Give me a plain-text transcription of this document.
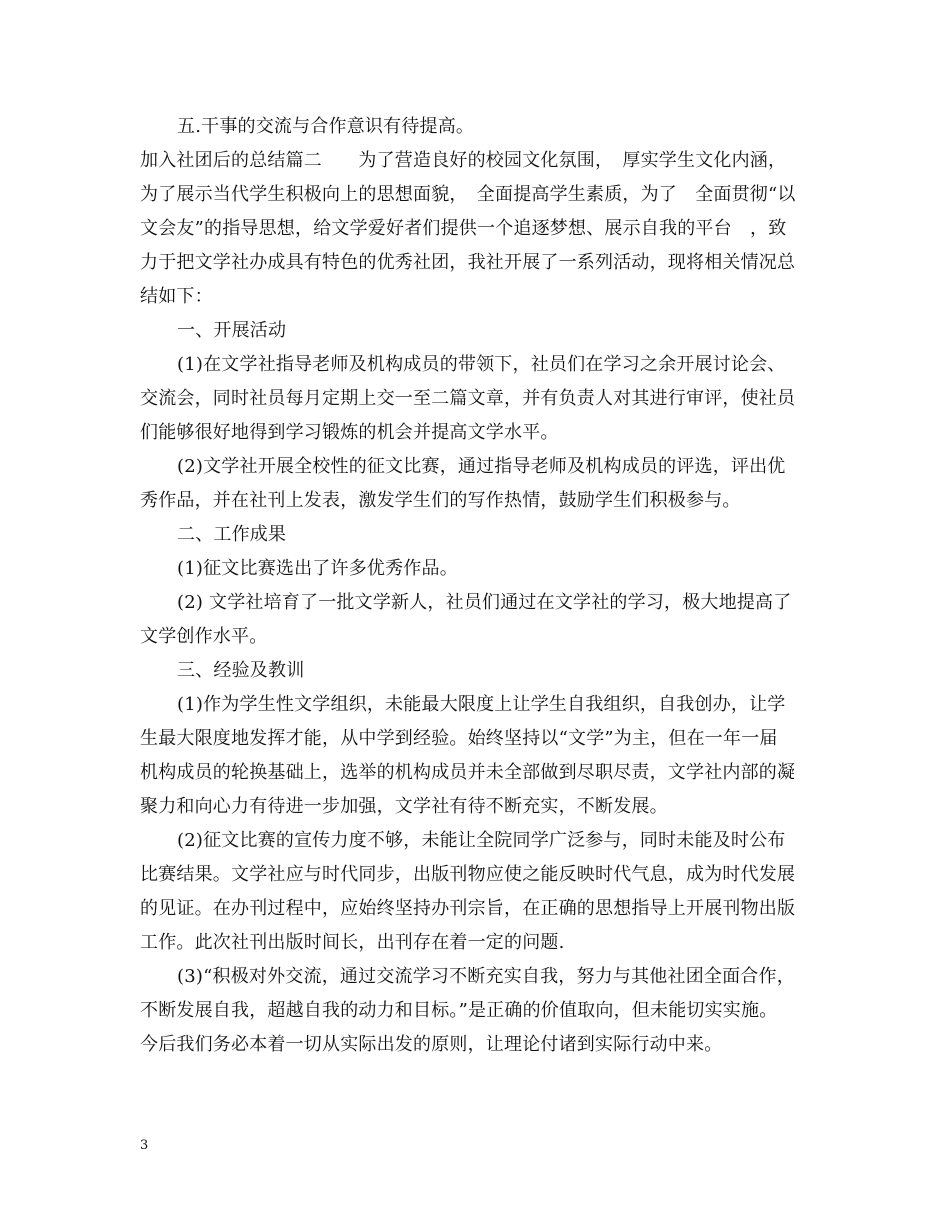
五.干事的交流与合作意识有待提高。
加入社团后的总结篇二　　为了营造良好的校园文化氛围，　厚实学生文化内涵，
为了展示当代学生积极向上的思想面貌，　全面提高学生素质，为了　全面贯彻“以
文会友”的指导思想，给文学爱好者们提供一个追逐梦想、展示自我的平台　，致
力于把文学社办成具有特色的优秀社团，我社开展了一系列活动，现将相关情况总
结如下：
一、开展活动
(1)在文学社指导老师及机构成员的带领下，社员们在学习之余开展讨论会、
交流会，同时社员每月定期上交一至二篇文章，并有负责人对其进行审评，使社员
们能够很好地得到学习锻炼的机会并提高文学水平。
(2)文学社开展全校性的征文比赛，通过指导老师及机构成员的评选，评出优
秀作品，并在社刊上发表，激发学生们的写作热情，鼓励学生们积极参与。
二、工作成果
(1)征文比赛选出了许多优秀作品。
(2) 文学社培育了一批文学新人，社员们通过在文学社的学习，极大地提高了
文学创作水平。
三、经验及教训
(1)作为学生性文学组织，未能最大限度上让学生自我组织，自我创办，让学
生最大限度地发挥才能，从中学到经验。始终坚持以“文学”为主，但在一年一届
机构成员的轮换基础上，选举的机构成员并未全部做到尽职尽责，文学社内部的凝
聚力和向心力有待进一步加强，文学社有待不断充实，不断发展。
(2)征文比赛的宣传力度不够，未能让全院同学广泛参与，同时未能及时公布
比赛结果。文学社应与时代同步，出版刊物应使之能反映时代气息，成为时代发展
的见证。在办刊过程中，应始终坚持办刊宗旨，在正确的思想指导上开展刊物出版
工作。此次社刊出版时间长，出刊存在着一定的问题.
(3)“积极对外交流，通过交流学习不断充实自我，努力与其他社团全面合作，
不断发展自我，超越自我的动力和目标。”是正确的价值取向，但未能切实实施。
今后我们务必本着一切从实际出发的原则，让理论付诸到实际行动中来。
3
